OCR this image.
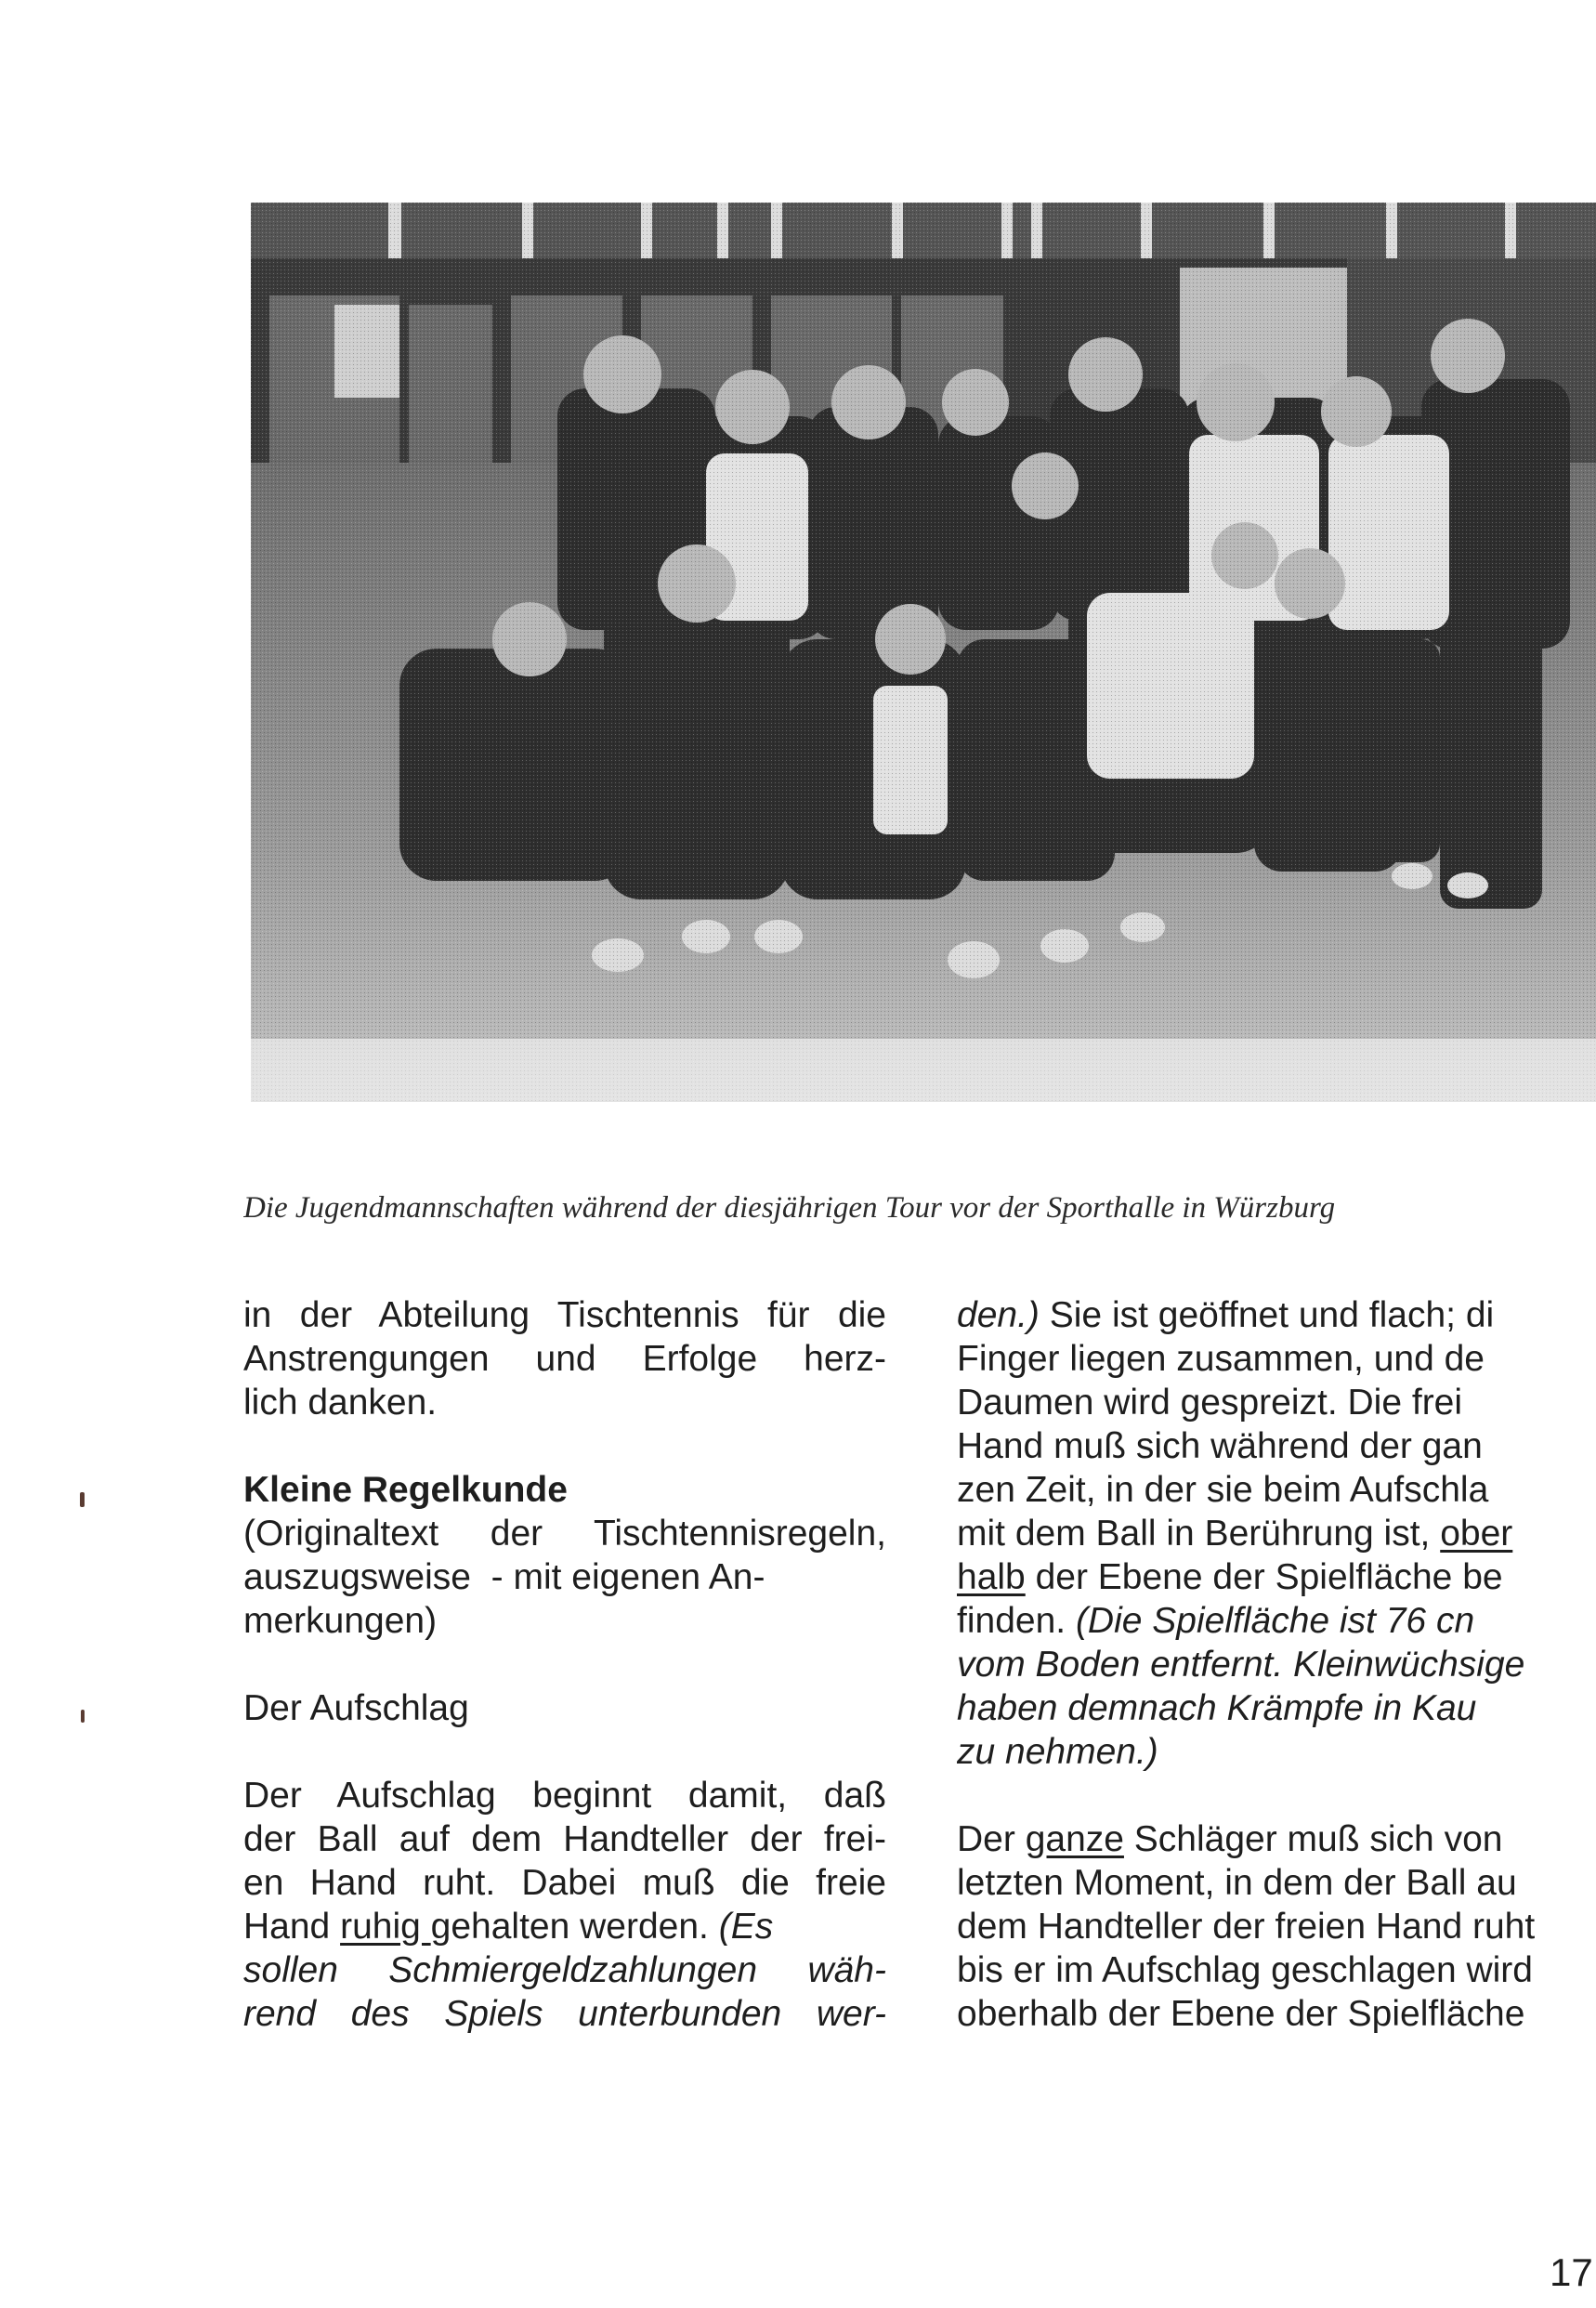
Die Jugendmannschaften während der diesjährigen Tour vor der Sporthalle in Würzburg
in der Abteilung Tischtennis für die
Anstrengungen und Erfolge herz-
lich danken.
Kleine Regelkunde
(Originaltext der Tischtennisregeln,
auszugsweise  - mit eigenen An-
merkungen)
Der Aufschlag
Der Aufschlag beginnt damit, daß
der Ball auf dem Handteller der frei-
en Hand ruht. Dabei muß die freie
Hand ruhig gehalten werden. (Es
sollen Schmiergeldzahlungen wäh-
rend des Spiels unterbunden wer-
den.) Sie ist geöffnet und flach; di
Finger liegen zusammen, und de
Daumen wird gespreizt. Die frei
Hand muß sich während der gan
zen Zeit, in der sie beim Aufschla
mit dem Ball in Berührung ist, ober
halb der Ebene der Spielfläche be
finden. (Die Spielfläche ist 76 cn
vom Boden entfernt. Kleinwüchsige
haben demnach Krämpfe in Kau
zu nehmen.)
Der ganze Schläger muß sich von
letzten Moment, in dem der Ball au
dem Handteller der freien Hand ruht
bis er im Aufschlag geschlagen wird
oberhalb der Ebene der Spielfläche
17
